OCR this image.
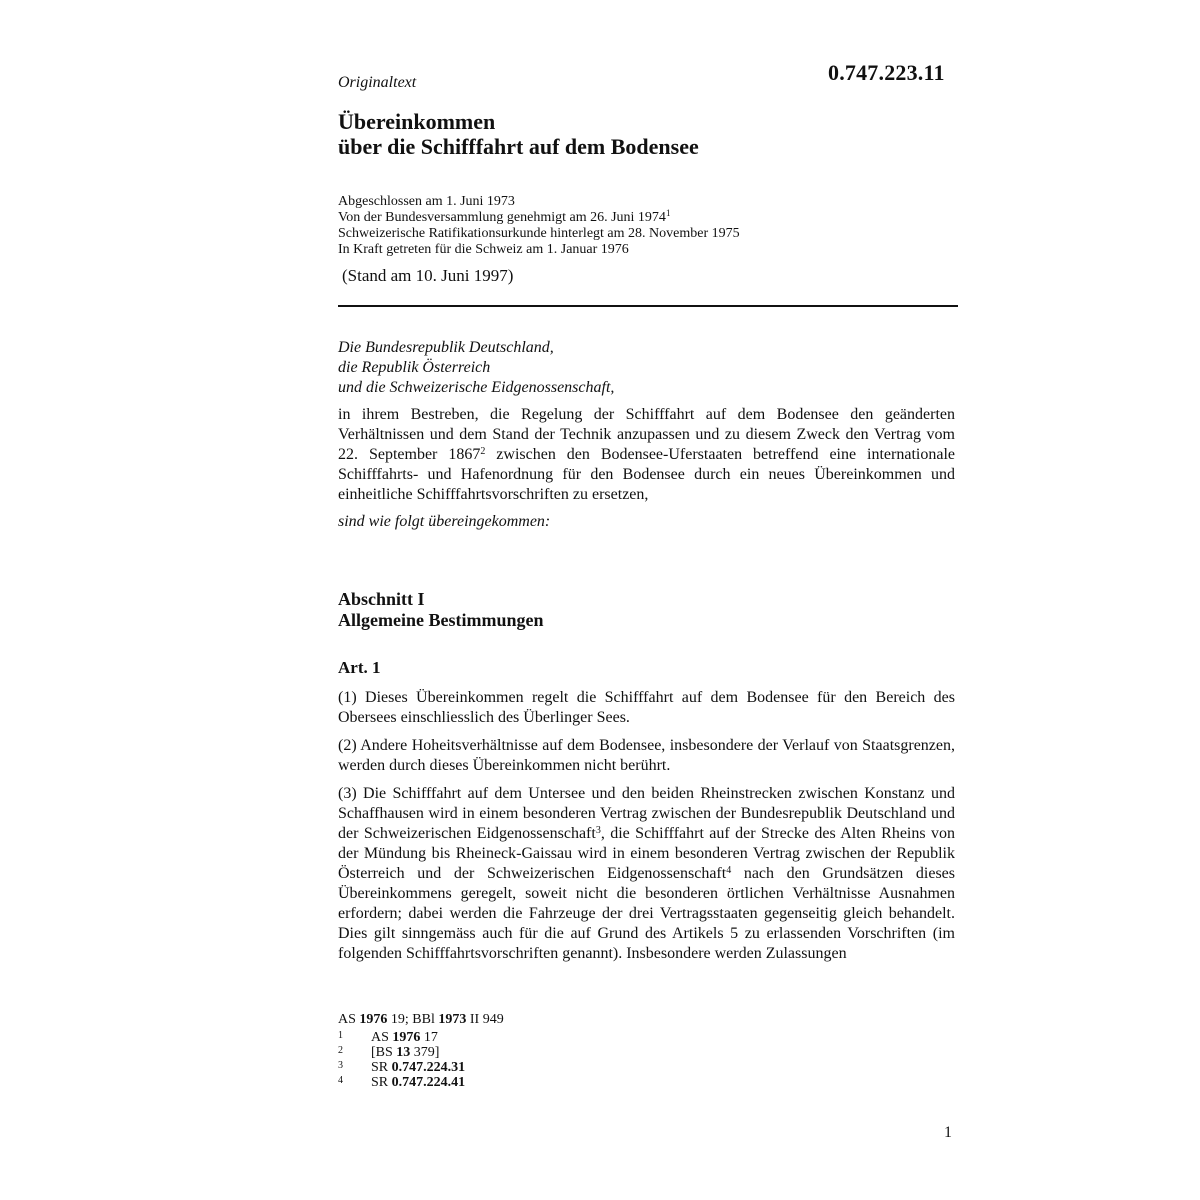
0.747.223.11
Originaltext
Übereinkommen
über die Schifffahrt auf dem Bodensee
Abgeschlossen am 1. Juni 1973
Von der Bundesversammlung genehmigt am 26. Juni 1974$^1$
Schweizerische Ratifikationsurkunde hinterlegt am 28. November 1975
In Kraft getreten für die Schweiz am 1. Januar 1976
(Stand am 10. Juni 1997)
Die Bundesrepublik Deutschland,
die Republik Österreich
und die Schweizerische Eidgenossenschaft,
in ihrem Bestreben, die Regelung der Schifffahrt auf dem Bodensee den geänderten Verhältnissen und dem Stand der Technik anzupassen und zu diesem Zweck den Vertrag vom 22. September 1867$^2$ zwischen den Bodensee-Uferstaaten betreffend eine internationale Schifffahrts- und Hafenordnung für den Bodensee durch ein neues Übereinkommen und einheitliche Schifffahrtsvorschriften zu ersetzen,
sind wie folgt übereingekommen:
Abschnitt I
Allgemeine Bestimmungen
Art. 1
(1) Dieses Übereinkommen regelt die Schifffahrt auf dem Bodensee für den Bereich des Obersees einschliesslich des Überlinger Sees.
(2) Andere Hoheitsverhältnisse auf dem Bodensee, insbesondere der Verlauf von Staatsgrenzen, werden durch dieses Übereinkommen nicht berührt.
(3) Die Schifffahrt auf dem Untersee und den beiden Rheinstrecken zwischen Konstanz und Schaffhausen wird in einem besonderen Vertrag zwischen der Bundesrepublik Deutschland und der Schweizerischen Eidgenossenschaft$^3$, die Schifffahrt auf der Strecke des Alten Rheins von der Mündung bis Rheineck-Gaissau wird in einem besonderen Vertrag zwischen der Republik Österreich und der Schweizerischen Eidgenossenschaft$^4$ nach den Grundsätzen dieses Übereinkommens geregelt, soweit nicht die besonderen örtlichen Verhältnisse Ausnahmen erfordern; dabei werden die Fahrzeuge der drei Vertragsstaaten gegenseitig gleich behandelt. Dies gilt sinngemäss auch für die auf Grund des Artikels 5 zu erlassenden Vorschriften (im folgenden Schifffahrtsvorschriften genannt). Insbesondere werden Zulassungen
AS 1976 19; BBl 1973 II 949
1	AS 1976 17
2	[BS 13 379]
3	SR 0.747.224.31
4	SR 0.747.224.41
1
